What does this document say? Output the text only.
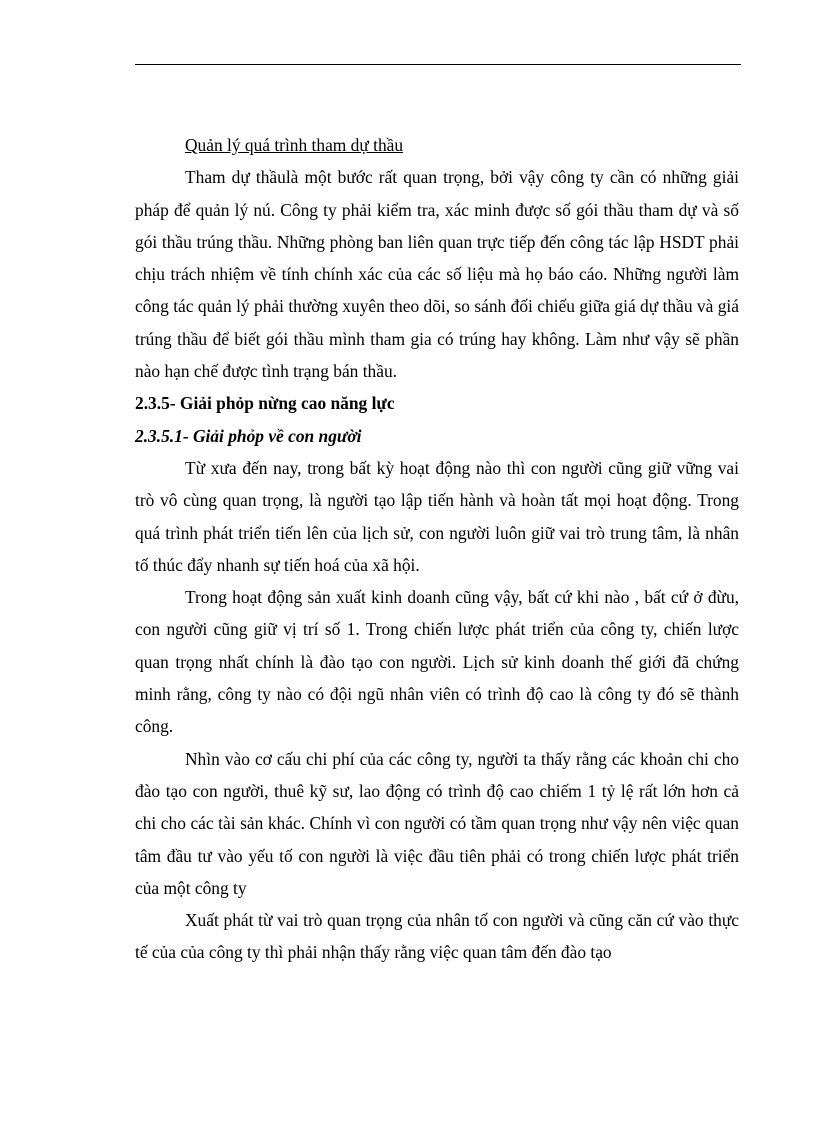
Quản lý quá trình tham dự thầu

Tham dự thầulà một bước rất quan trọng, bởi vậy công ty cần có những giải pháp để quản lý nú. Công ty phải kiểm tra, xác minh được số gói thầu tham dự và số gói thầu trúng thầu. Những phòng ban liên quan trực tiếp đến công tác lập HSDT phải chịu trách nhiệm về tính chính xác của các số liệu mà họ báo cáo. Những người làm công tác quản lý phải thường xuyên theo dõi, so sánh đối chiếu giữa giá dự thầu và giá trúng thầu để biết gói thầu mình tham gia có trúng hay không. Làm như vậy sẽ phần nào hạn chế được tình trạng bán thầu.

2.3.5- Giải phỏp nừng cao năng lực

2.3.5.1- Giải phỏp về con người

Từ xưa đến nay, trong bất kỳ hoạt động nào thì con người cũng giữ vững vai trò vô cùng quan trọng, là người tạo lập tiến hành và hoàn tất mọi hoạt động. Trong quá trình phát triển tiến lên của lịch sử, con người luôn giữ vai trò trung tâm, là nhân tố thúc đẩy nhanh sự tiến hoá của xã hội.

Trong hoạt động sản xuất kinh doanh cũng vậy, bất cứ khi nào , bất cứ ở đừu, con người cũng giữ vị trí số 1. Trong chiến lược phát triển của công ty, chiến lược quan trọng nhất chính là đào tạo con người. Lịch sử kinh doanh thế giới đã chứng minh rằng, công ty nào có đội ngũ nhân viên có trình độ cao là công ty đó sẽ thành công.

Nhìn vào cơ cấu chi phí của các công ty, người ta thấy rằng các khoản chi cho đào tạo con người, thuê kỹ sư, lao động có trình độ cao chiếm 1 tỷ lệ rất lớn hơn cả chi cho các tài sản khác. Chính vì con người có tầm quan trọng như vậy nên việc quan tâm đầu tư vào yếu tố con người là việc đầu tiên phải có trong chiến lược phát triển của một công ty

Xuất phát từ vai trò quan trọng của nhân tố con người và cũng căn cứ vào thực tế của của công ty thì phải nhận thấy rằng việc quan tâm đến đào tạo
